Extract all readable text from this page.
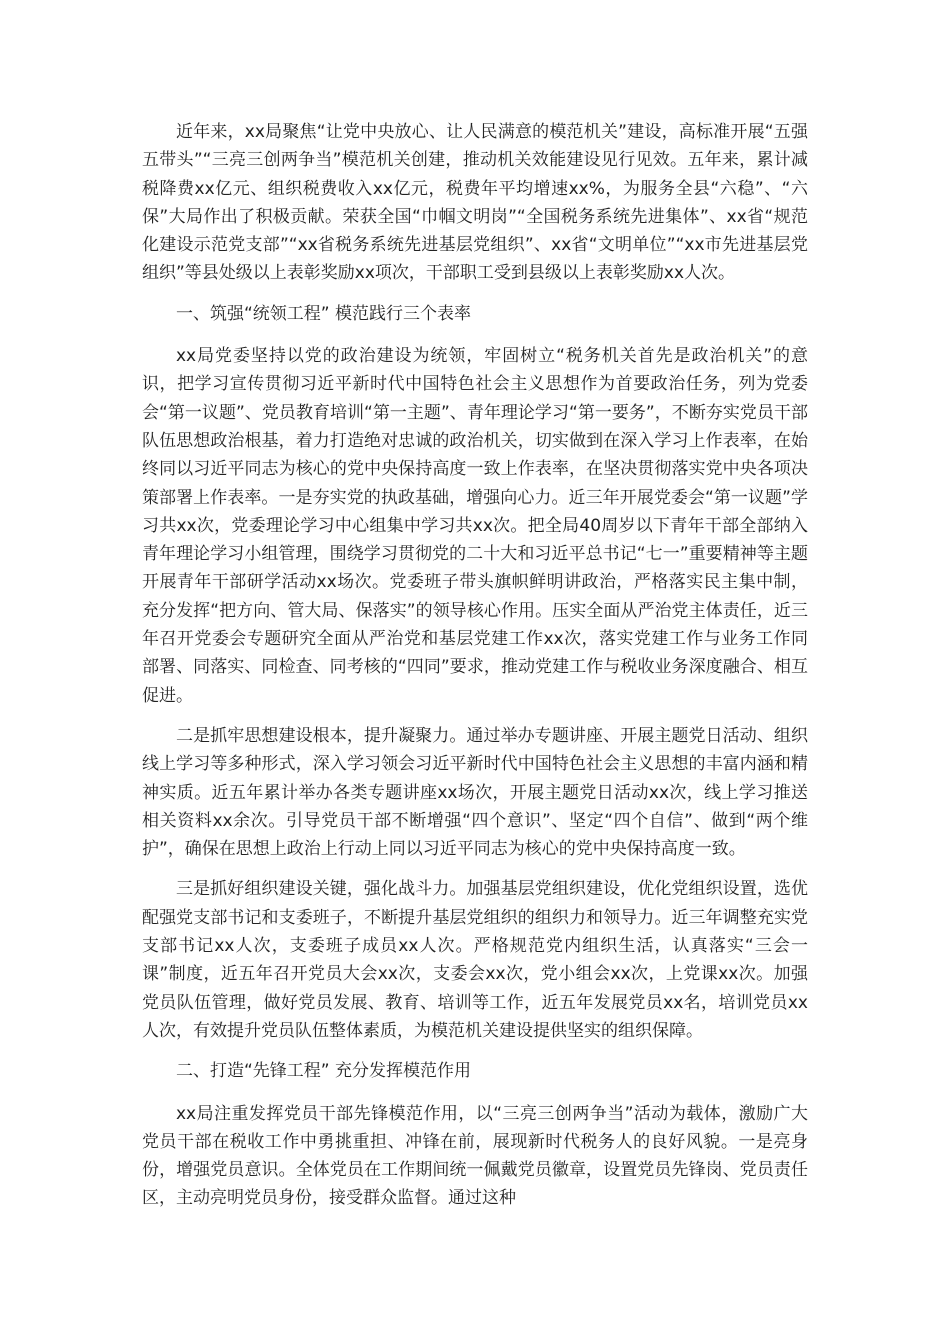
近年来，xx局聚焦“让党中央放心、让人民满意的模范机关”建设，高标准开展“五强五带头”“三亮三创两争当”模范机关创建，推动机关效能建设见行见效。五年来，累计减税降费xx亿元、组织税费收入xx亿元，税费年平均增速xx%，为服务全县“六稳”、“六保”大局作出了积极贡献。荣获全国“巾帼文明岗”“全国税务系统先进集体”、xx省“规范化建设示范党支部”“xx省税务系统先进基层党组织”、xx省“文明单位”“xx市先进基层党组织”等县处级以上表彰奖励xx项次，干部职工受到县级以上表彰奖励xx人次。

一、筑强“统领工程” 模范践行三个表率

xx局党委坚持以党的政治建设为统领，牢固树立“税务机关首先是政治机关”的意识，把学习宣传贯彻习近平新时代中国特色社会主义思想作为首要政治任务，列为党委会“第一议题”、党员教育培训“第一主题”、青年理论学习“第一要务”，不断夯实党员干部队伍思想政治根基，着力打造绝对忠诚的政治机关，切实做到在深入学习上作表率，在始终同以习近平同志为核心的党中央保持高度一致上作表率，在坚决贯彻落实党中央各项决策部署上作表率。一是夯实党的执政基础，增强向心力。近三年开展党委会“第一议题”学习共xx次，党委理论学习中心组集中学习共xx次。把全局40周岁以下青年干部全部纳入青年理论学习小组管理，围绕学习贯彻党的二十大和习近平总书记“七一”重要精神等主题开展青年干部研学活动xx场次。党委班子带头旗帜鲜明讲政治，严格落实民主集中制，充分发挥“把方向、管大局、保落实”的领导核心作用。压实全面从严治党主体责任，近三年召开党委会专题研究全面从严治党和基层党建工作xx次，落实党建工作与业务工作同部署、同落实、同检查、同考核的“四同”要求，推动党建工作与税收业务深度融合、相互促进。

二是抓牢思想建设根本，提升凝聚力。通过举办专题讲座、开展主题党日活动、组织线上学习等多种形式，深入学习领会习近平新时代中国特色社会主义思想的丰富内涵和精神实质。近五年累计举办各类专题讲座xx场次，开展主题党日活动xx次，线上学习推送相关资料xx余次。引导党员干部不断增强“四个意识”、坚定“四个自信”、做到“两个维护”，确保在思想上政治上行动上同以习近平同志为核心的党中央保持高度一致。

三是抓好组织建设关键，强化战斗力。加强基层党组织建设，优化党组织设置，选优配强党支部书记和支委班子，不断提升基层党组织的组织力和领导力。近三年调整充实党支部书记xx人次，支委班子成员xx人次。严格规范党内组织生活，认真落实“三会一课”制度，近五年召开党员大会xx次，支委会xx次，党小组会xx次，上党课xx次。加强党员队伍管理，做好党员发展、教育、培训等工作，近五年发展党员xx名，培训党员xx人次，有效提升党员队伍整体素质，为模范机关建设提供坚实的组织保障。

二、打造“先锋工程” 充分发挥模范作用

xx局注重发挥党员干部先锋模范作用，以“三亮三创两争当”活动为载体，激励广大党员干部在税收工作中勇挑重担、冲锋在前，展现新时代税务人的良好风貌。一是亮身份，增强党员意识。全体党员在工作期间统一佩戴党员徽章，设置党员先锋岗、党员责任区，主动亮明党员身份，接受群众监督。通过这种
